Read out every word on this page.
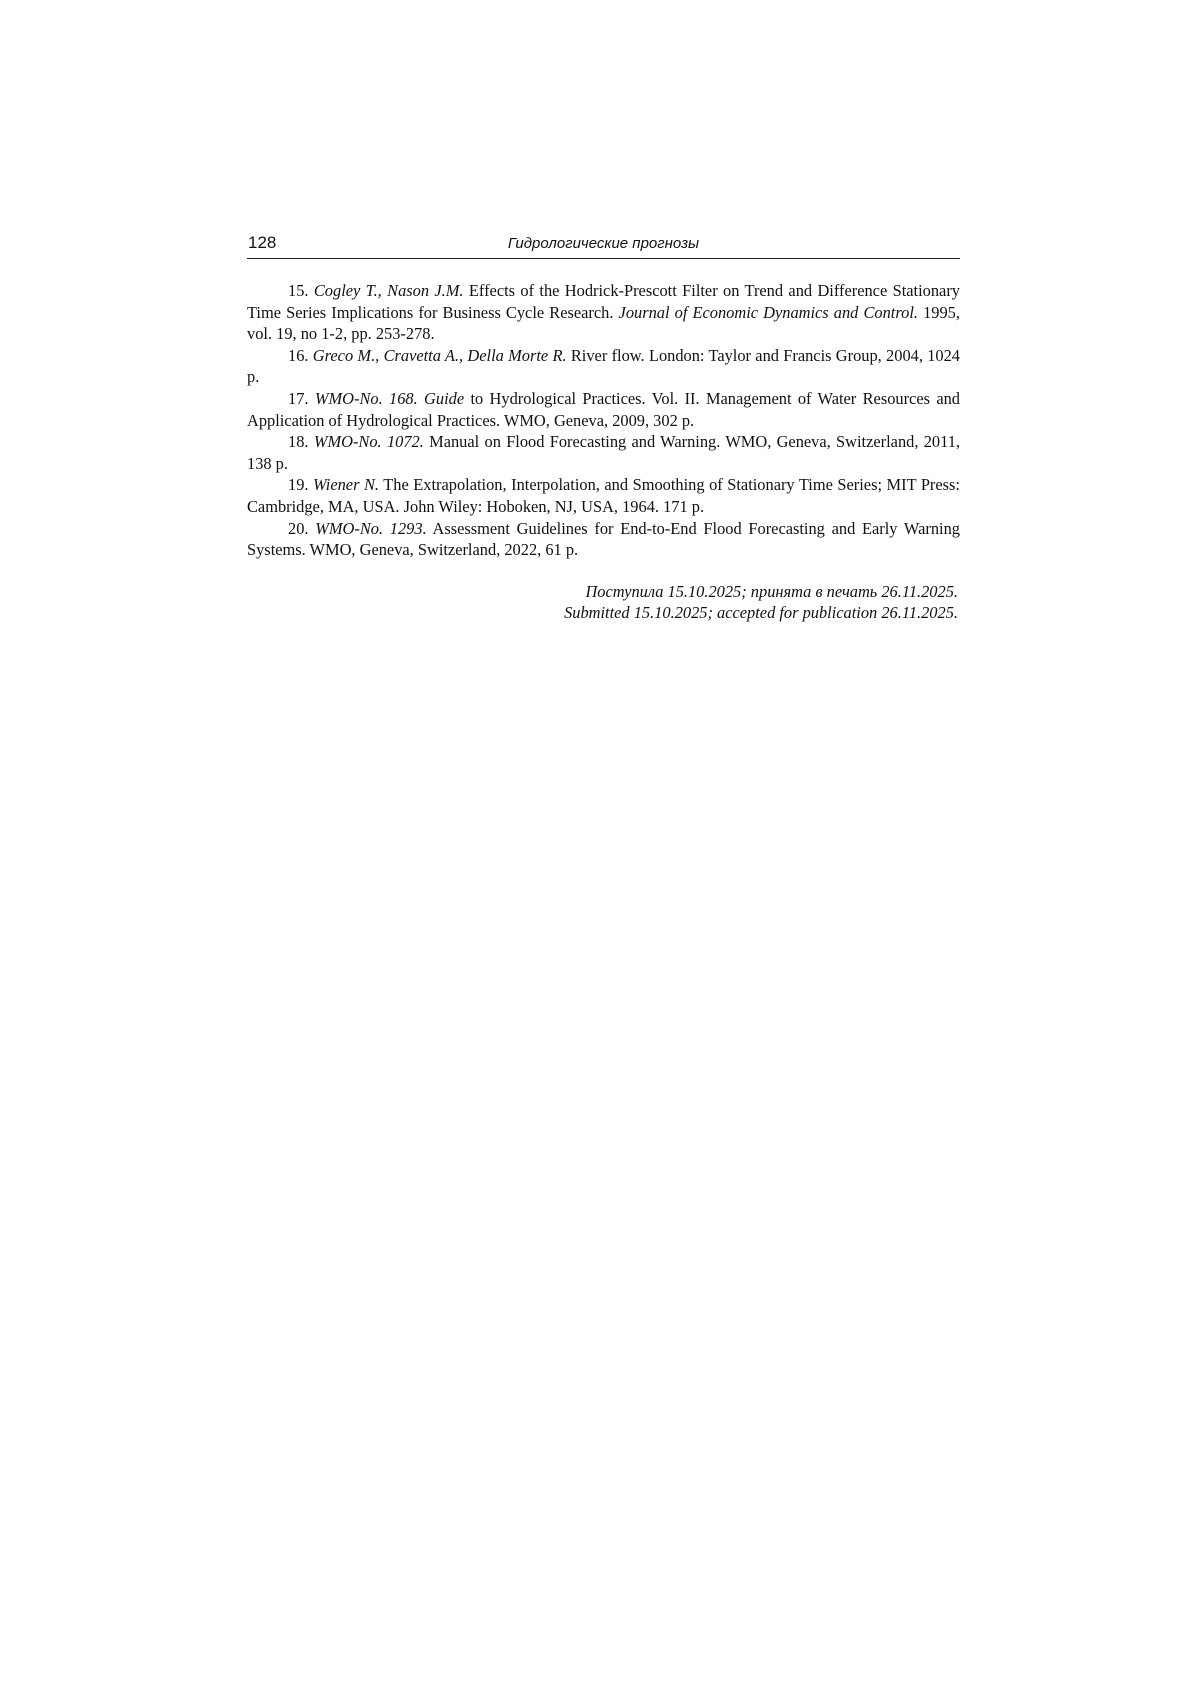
128	Гидрологические прогнозы
15. Cogley T., Nason J.M. Effects of the Hodrick-Prescott Filter on Trend and Difference Stationary Time Series Implications for Business Cycle Research. Journal of Economic Dynamics and Control. 1995, vol. 19, no 1-2, pp. 253-278.
16. Greco M., Cravetta A., Della Morte R. River flow. London: Taylor and Francis Group, 2004, 1024 p.
17. WMO-No. 168. Guide to Hydrological Practices. Vol. II. Management of Water Resources and Application of Hydrological Practices. WMO, Geneva, 2009, 302 p.
18. WMO-No. 1072. Manual on Flood Forecasting and Warning. WMO, Geneva, Switzerland, 2011, 138 p.
19. Wiener N. The Extrapolation, Interpolation, and Smoothing of Stationary Time Series; MIT Press: Cambridge, MA, USA. John Wiley: Hoboken, NJ, USA, 1964. 171 p.
20. WMO-No. 1293. Assessment Guidelines for End-to-End Flood Forecasting and Early Warning Systems. WMO, Geneva, Switzerland, 2022, 61 p.
Поступила 15.10.2025; принята в печать 26.11.2025.
Submitted 15.10.2025; accepted for publication 26.11.2025.
